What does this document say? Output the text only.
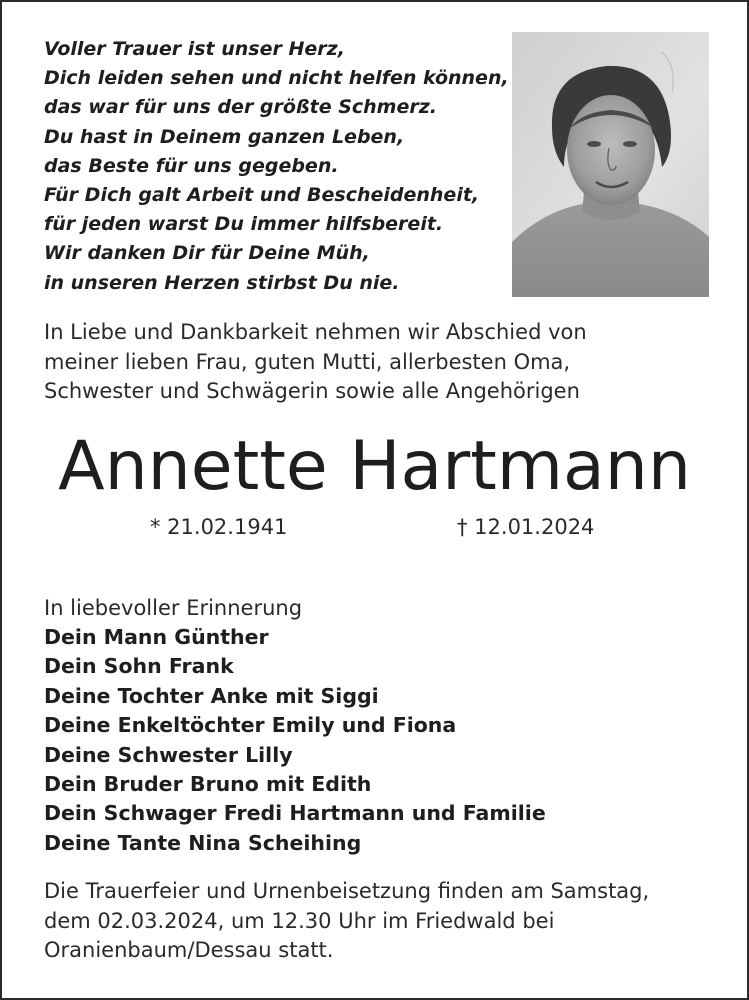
Voller Trauer ist unser Herz,
Dich leiden sehen und nicht helfen können,
das war für uns der größte Schmerz.
Du hast in Deinem ganzen Leben,
das Beste für uns gegeben.
Für Dich galt Arbeit und Bescheidenheit,
für jeden warst Du immer hilfsbereit.
Wir danken Dir für Deine Müh,
in unseren Herzen stirbst Du nie.
In Liebe und Dankbarkeit nehmen wir Abschied von
meiner lieben Frau, guten Mutti, allerbesten Oma,
Schwester und Schwägerin sowie alle Angehörigen
Annette Hartmann
* 21.02.1941	† 12.01.2024
In liebevoller Erinnerung
Dein Mann Günther
Dein Sohn Frank
Deine Tochter Anke mit Siggi
Deine Enkeltöchter Emily und Fiona
Deine Schwester Lilly
Dein Bruder Bruno mit Edith
Dein Schwager Fredi Hartmann und Familie
Deine Tante Nina Scheihing
Die Trauerfeier und Urnenbeisetzung finden am Samstag,
dem 02.03.2024, um 12.30 Uhr im Friedwald bei
Oranienbaum/Dessau statt.
